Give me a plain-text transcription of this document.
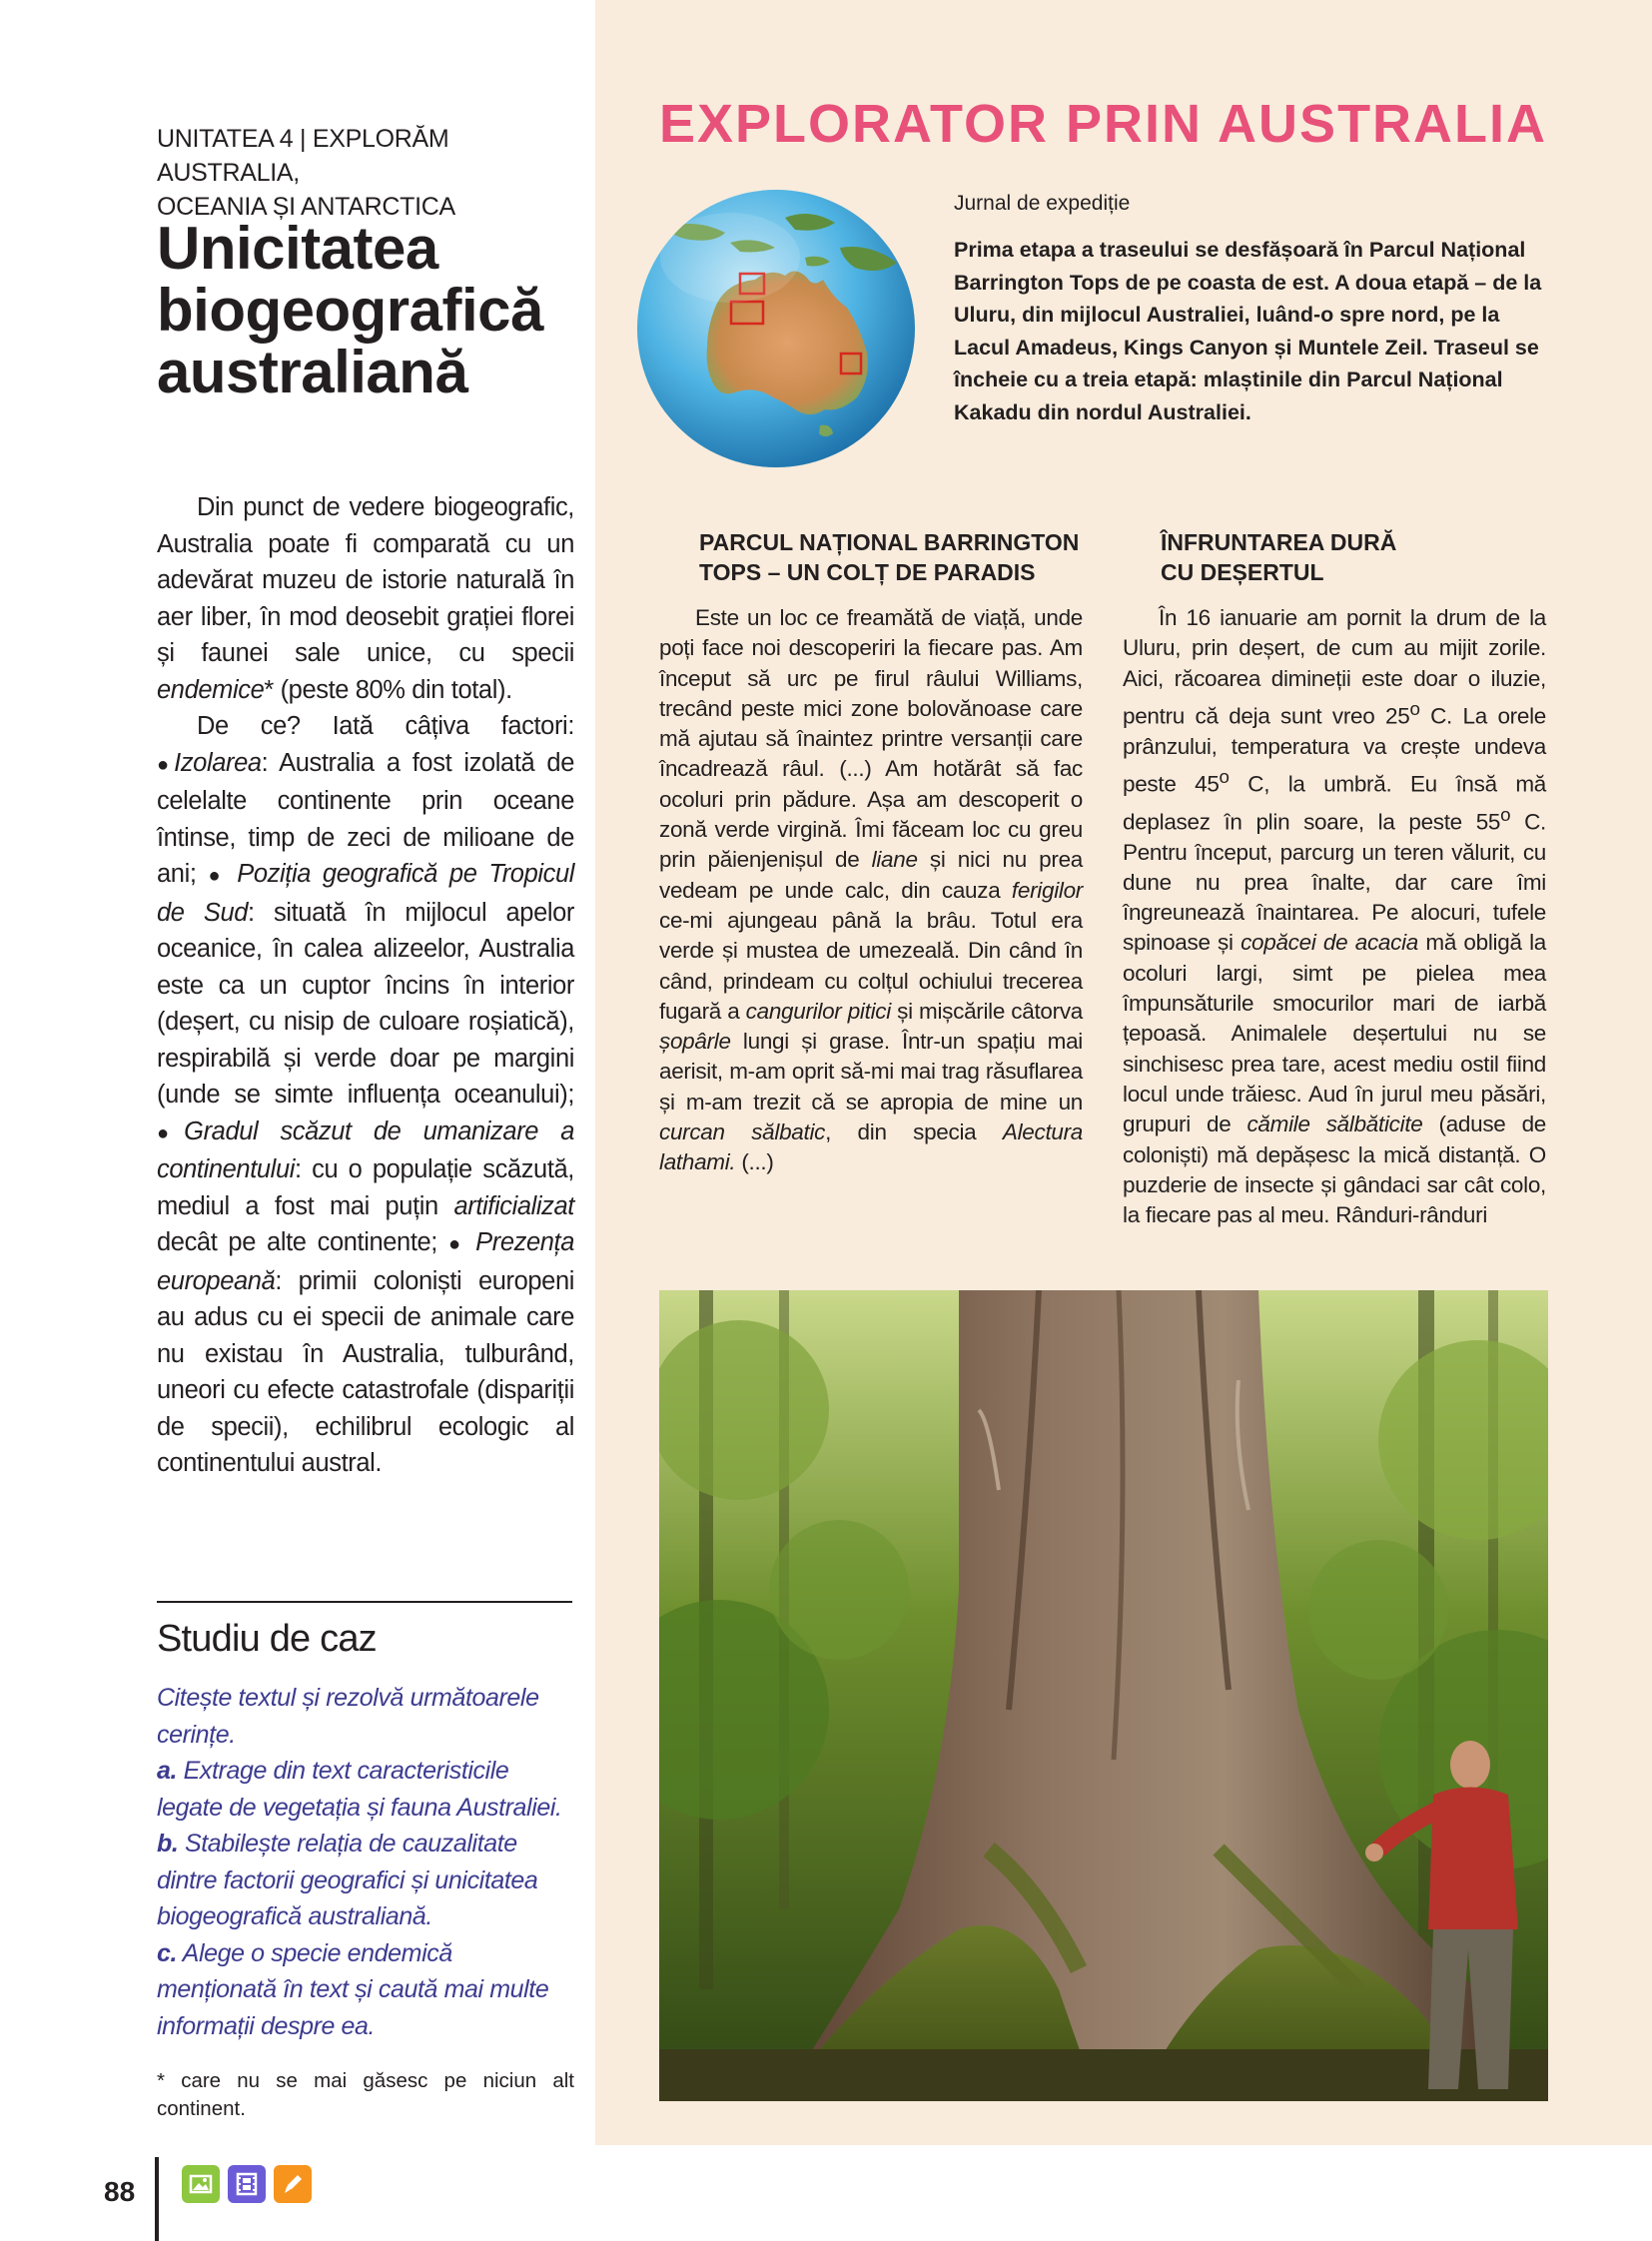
UNITATEA 4 | EXPLORĂM AUSTRALIA,
OCEANIA ȘI ANTARCTICA
Unicitatea
biogeografică
australiană
EXPLORATOR PRIN AUSTRALIA
Jurnal de expediție

Prima etapa a traseului se desfășoară în Parcul Național Barrington Tops de pe coasta de est. A doua etapă – de la Uluru, din mijlocul Australiei, luând-o spre nord, pe la Lacul Amadeus, Kings Canyon și Muntele Zeil. Traseul se încheie cu a treia etapă: mlaștinile din Parcul Național Kakadu din nordul Australiei.

Din punct de vedere biogeografic, Australia poate fi comparată cu un adevărat muzeu de istorie naturală în aer liber, în mod deosebit grației florei și faunei sale unice, cu specii endemice* (peste 80% din total).
De ce? Iată câțiva factori: ●Izolarea: Australia a fost izolată de celelalte continente prin oceane întinse, timp de zeci de milioane de ani; ● Poziția geografică pe Tropicul de Sud: situată în mijlocul apelor oceanice, în calea alizeelor, Australia este ca un cuptor încins în interior (deșert, cu nisip de culoare roșiatică), respirabilă și verde doar pe margini (unde se simte influența oceanului); ●Gradul scăzut de umanizare a continentului: cu o populație scăzută, mediul a fost mai puțin artificializat decât pe alte continente; ● Prezența europeană: primii coloniști europeni au adus cu ei specii de animale care nu existau în Australia, tulburând, uneori cu efecte catastrofale (dispariții de specii), echilibrul ecologic al continentului austral.

Studiu de caz

Citește textul și rezolvă următoarele cerințe.
a. Extrage din text caracteristicile legate de vegetația și fauna Australiei.
b. Stabilește relația de cauzalitate dintre factorii geografici și unicitatea biogeografică australiană.
c. Alege o specie endemică menționată în text și caută mai multe informații despre ea.

* care nu se mai găsesc pe niciun alt continent.

PARCUL NAȚIONAL BARRINGTON
TOPS – UN COLȚ DE PARADIS

Este un loc ce freamătă de viață, unde poți face noi descoperiri la fiecare pas. Am început să urc pe firul râului Williams, trecând peste mici zone bolovănoase care mă ajutau să înaintez printre versanții care încadrează râul. (...) Am hotărât să fac ocoluri prin pădure. Așa am descoperit o zonă verde virgină. Îmi făceam loc cu greu prin păienjenișul de liane și nici nu prea vedeam pe unde calc, din cauza ferigilor ce-mi ajungeau până la brâu. Totul era verde și mustea de umezeală. Din când în când, prindeam cu colțul ochiului trecerea fugară a cangurilor pitici și mișcările câtorva șopârle lungi și grase. Într-un spațiu mai aerisit, m-am oprit să-mi mai trag răsuflarea și m-am trezit că se apropia de mine un curcan sălbatic, din specia Alectura lathami. (...)

ÎNFRUNTAREA DURĂ
CU DEȘERTUL

În 16 ianuarie am pornit la drum de la Uluru, prin deșert, de cum au mijit zorile. Aici, răcoarea dimineții este doar o iluzie, pentru că deja sunt vreo 25$^o$ C. La orele prânzului, temperatura va crește undeva peste 45$^o$ C, la umbră. Eu însă mă deplasez în plin soare, la peste 55$^o$ C. Pentru început, parcurg un teren vălurit, cu dune nu prea înalte, dar care îmi îngreunează înaintarea. Pe alocuri, tufele spinoase și copăcei de acacia mă obligă la ocoluri largi, simt pe pielea mea împunsăturile smocurilor mari de iarbă țepoasă. Animalele deșertului nu se sinchisesc prea tare, acest mediu ostil fiind locul unde trăiesc. Aud în jurul meu păsări, grupuri de cămile sălbăticite (aduse de coloniști) mă depășesc la mică distanță. O puzderie de insecte și gândaci sar cât colo, la fiecare pas al meu. Rânduri-rânduri

88
